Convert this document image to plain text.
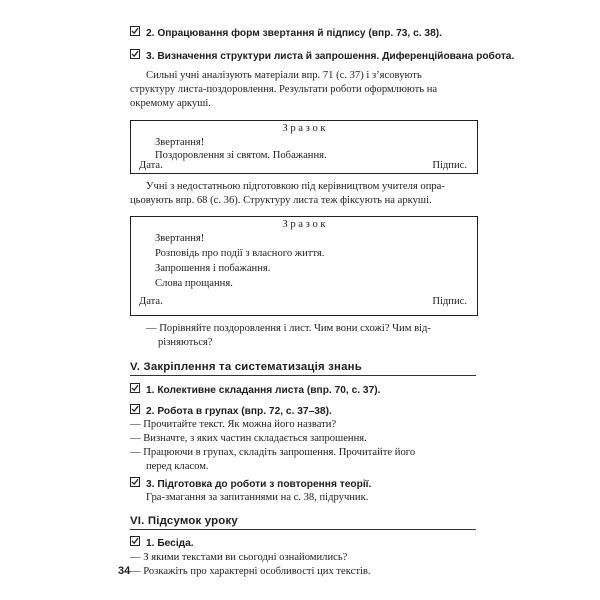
2. Опрацювання форм звертання й підпису (впр. 73, с. 38).
3. Визначення структури листа й запрошення. Диференційована робота.
Сильні учні аналізують матеріали впр. 71 (с. 37) і з’ясовують
структуру листа-поздоровлення. Результати роботи оформлюють на
окремому аркуші.
З р а з о к
Звертання!
Поздоровлення зі святом. Побажання.
Дата.	Підпис.
Учні з недостатньою підготовкою під керівництвом учителя опра-
цьовують впр. 68 (с. 36). Структуру листа теж фіксують на аркуші.
З р а з о к
Звертання!
Розповідь про події з власного життя.
Запрошення і побажання.
Слова прощання.
Дата.	Підпис.
— Порівняйте поздоровлення і лист. Чим вони схожі? Чим від-
різняються?
V. Закріплення та систематизація знань
1. Колективне складання листа (впр. 70, с. 37).
2. Робота в групах (впр. 72, с. 37–38).
— Прочитайте текст. Як можна його назвати?
— Визначте, з яких частин складається запрошення.
— Працюючи в групах, складіть запрошення. Прочитайте його
перед класом.
3. Підготовка до роботи з повторення теорії.
Гра-змагання за запитаннями на с. 38, підручник.
VI. Підсумок уроку
1. Бесіда.
— З якими текстами ви сьогодні ознайомились?
— Розкажіть про характерні особливості цих текстів.
34
